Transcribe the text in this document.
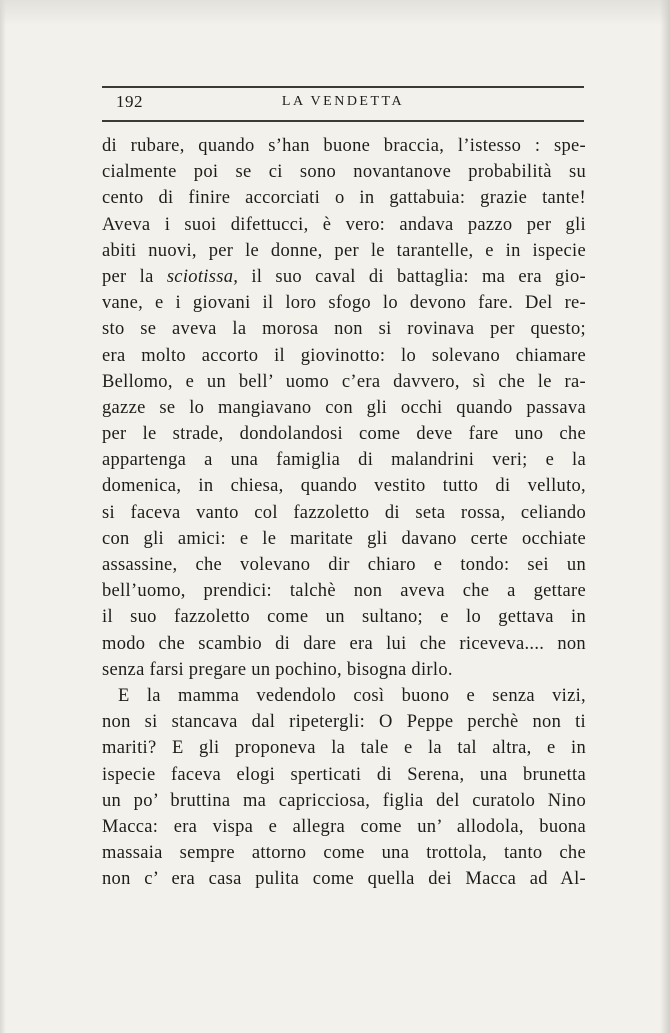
192	LA VENDETTA
di rubare, quando s’han buone braccia, l’istesso : spe-
cialmente poi se ci sono novantanove probabilità su
cento di finire accorciati o in gattabuia: grazie tante!
Aveva i suoi difettucci, è vero: andava pazzo per gli
abiti nuovi, per le donne, per le tarantelle, e in ispecie
per la sciotissa, il suo caval di battaglia: ma era gio-
vane, e i giovani il loro sfogo lo devono fare. Del re-
sto se aveva la morosa non si rovinava per questo;
era molto accorto il giovinotto: lo solevano chiamare
Bellomo, e un bell’ uomo c’era davvero, sì che le ra-
gazze se lo mangiavano con gli occhi quando passava
per le strade, dondolandosi come deve fare uno che
appartenga a una famiglia di malandrini veri; e la
domenica, in chiesa, quando vestito tutto di velluto,
si faceva vanto col fazzoletto di seta rossa, celiando
con gli amici: e le maritate gli davano certe occhiate
assassine, che volevano dir chiaro e tondo: sei un
bell’uomo, prendici: talchè non aveva che a gettare
il suo fazzoletto come un sultano; e lo gettava in
modo che scambio di dare era lui che riceveva.... non
senza farsi pregare un pochino, bisogna dirlo.
E la mamma vedendolo così buono e senza vizi,
non si stancava dal ripetergli: O Peppe perchè non ti
mariti? E gli proponeva la tale e la tal altra, e in
ispecie faceva elogi sperticati di Serena, una brunetta
un po’ bruttina ma capricciosa, figlia del curatolo Nino
Macca: era vispa e allegra come un’ allodola, buona
massaia sempre attorno come una trottola, tanto che
non c’ era casa pulita come quella dei Macca ad Al-
